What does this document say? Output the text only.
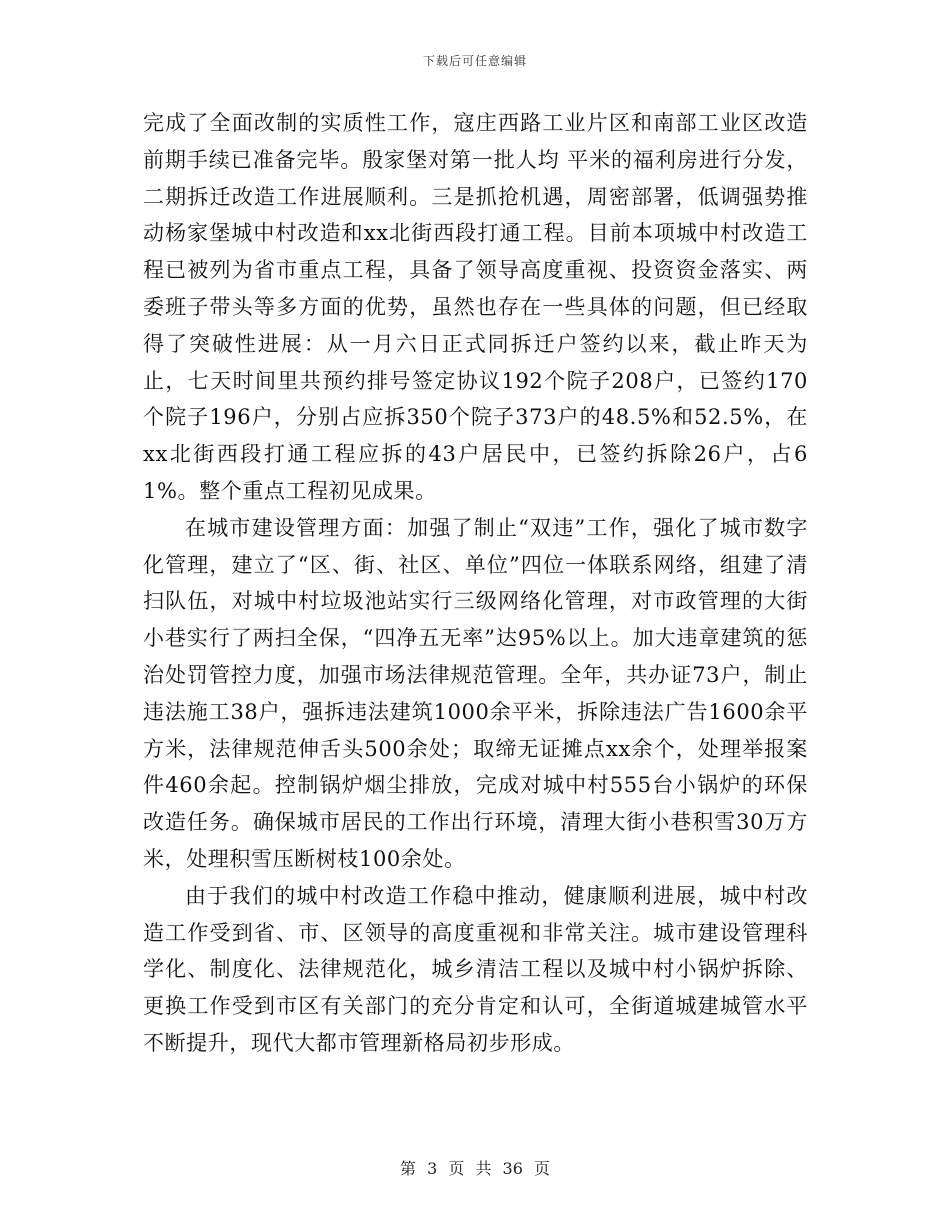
下载后可任意编辑

完成了全面改制的实质性工作，寇庄西路工业片区和南部工业区改造前期手续已准备完毕。殷家堡对第一批人均 平米的福利房进行分发，二期拆迁改造工作进展顺利。三是抓抢机遇，周密部署，低调强势推动杨家堡城中村改造和xx北街西段打通工程。目前本项城中村改造工程已被列为省市重点工程，具备了领导高度重视、投资资金落实、两委班子带头等多方面的优势，虽然也存在一些具体的问题，但已经取得了突破性进展：从一月六日正式同拆迁户签约以来，截止昨天为止，七天时间里共预约排号签定协议192个院子208户，已签约170个院子196户，分别占应拆350个院子373户的48.5%和52.5%，在xx北街西段打通工程应拆的43户居民中，已签约拆除26户，占61%。整个重点工程初见成果。

在城市建设管理方面：加强了制止“双违”工作，强化了城市数字化管理，建立了“区、街、社区、单位”四位一体联系网络，组建了清扫队伍，对城中村垃圾池站实行三级网络化管理，对市政管理的大街小巷实行了两扫全保，“四净五无率”达95%以上。加大违章建筑的惩治处罚管控力度，加强市场法律规范管理。全年，共办证73户，制止违法施工38户，强拆违法建筑1000余平米，拆除违法广告1600余平方米，法律规范伸舌头500余处；取缔无证摊点xx余个，处理举报案件460余起。控制锅炉烟尘排放，完成对城中村555台小锅炉的环保改造任务。确保城市居民的工作出行环境，清理大街小巷积雪30万方米，处理积雪压断树枝100余处。

由于我们的城中村改造工作稳中推动，健康顺利进展，城中村改造工作受到省、市、区领导的高度重视和非常关注。城市建设管理科学化、制度化、法律规范化，城乡清洁工程以及城中村小锅炉拆除、更换工作受到市区有关部门的充分肯定和认可，全街道城建城管水平不断提升，现代大都市管理新格局初步形成。

第 3 页 共 36 页
